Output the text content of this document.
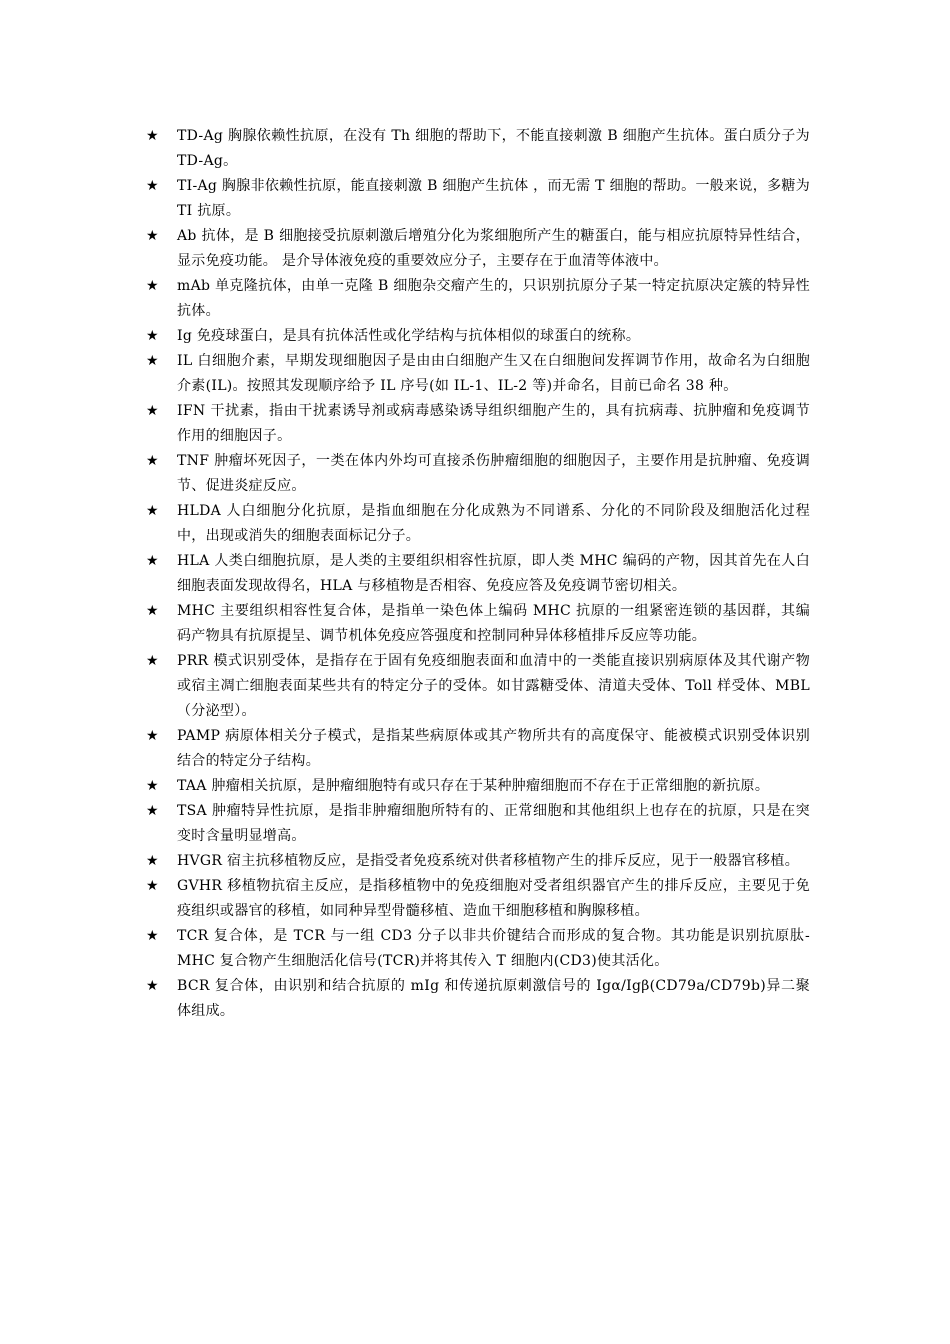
★ TD-Ag 胸腺依赖性抗原，在没有 Th 细胞的帮助下，不能直接刺激 B 细胞产生抗体。蛋白质分子为 TD-Ag。
★ TI-Ag 胸腺非依赖性抗原，能直接刺激 B 细胞产生抗体 ，而无需 T 细胞的帮助。一般来说，多糖为 TI 抗原。
★ Ab 抗体，是 B 细胞接受抗原刺激后增殖分化为浆细胞所产生的糖蛋白，能与相应抗原特异性结合，显示免疫功能。 是介导体液免疫的重要效应分子，主要存在于血清等体液中。
★ mAb 单克隆抗体，由单一克隆 B 细胞杂交瘤产生的，只识别抗原分子某一特定抗原决定簇的特异性抗体。
★ Ig 免疫球蛋白，是具有抗体活性或化学结构与抗体相似的球蛋白的统称。
★ IL 白细胞介素，早期发现细胞因子是由由白细胞产生又在白细胞间发挥调节作用，故命名为白细胞介素(IL)。按照其发现顺序给予 IL 序号(如 IL-1、IL-2 等)并命名，目前已命名 38 种。
★ IFN 干扰素，指由干扰素诱导剂或病毒感染诱导组织细胞产生的，具有抗病毒、抗肿瘤和免疫调节作用的细胞因子。
★ TNF 肿瘤坏死因子，一类在体内外均可直接杀伤肿瘤细胞的细胞因子，主要作用是抗肿瘤、免疫调节、促进炎症反应。
★ HLDA 人白细胞分化抗原，是指血细胞在分化成熟为不同谱系、分化的不同阶段及细胞活化过程中，出现或消失的细胞表面标记分子。
★ HLA 人类白细胞抗原，是人类的主要组织相容性抗原，即人类 MHC 编码的产物，因其首先在人白细胞表面发现故得名，HLA 与移植物是否相容、免疫应答及免疫调节密切相关。
★ MHC 主要组织相容性复合体，是指单一染色体上编码 MHC 抗原的一组紧密连锁的基因群，其编码产物具有抗原提呈、调节机体免疫应答强度和控制同种异体移植排斥反应等功能。
★ PRR 模式识别受体，是指存在于固有免疫细胞表面和血清中的一类能直接识别病原体及其代谢产物或宿主凋亡细胞表面某些共有的特定分子的受体。如甘露糖受体、清道夫受体、Toll 样受体、MBL（分泌型）。
★ PAMP 病原体相关分子模式，是指某些病原体或其产物所共有的高度保守、能被模式识别受体识别结合的特定分子结构。
★ TAA 肿瘤相关抗原，是肿瘤细胞特有或只存在于某种肿瘤细胞而不存在于正常细胞的新抗原。
★ TSA 肿瘤特异性抗原，是指非肿瘤细胞所特有的、正常细胞和其他组织上也存在的抗原，只是在突变时含量明显增高。
★ HVGR 宿主抗移植物反应，是指受者免疫系统对供者移植物产生的排斥反应，见于一般器官移植。
★ GVHR 移植物抗宿主反应，是指移植物中的免疫细胞对受者组织器官产生的排斥反应，主要见于免疫组织或器官的移植，如同种异型骨髓移植、造血干细胞移植和胸腺移植。
★ TCR 复合体，是 TCR 与一组 CD3 分子以非共价键结合而形成的复合物。其功能是识别抗原肽-MHC 复合物产生细胞活化信号(TCR)并将其传入 T 细胞内(CD3)使其活化。
★ BCR 复合体，由识别和结合抗原的 mIg 和传递抗原刺激信号的 Igα/Igβ(CD79a/CD79b)异二聚体组成。
